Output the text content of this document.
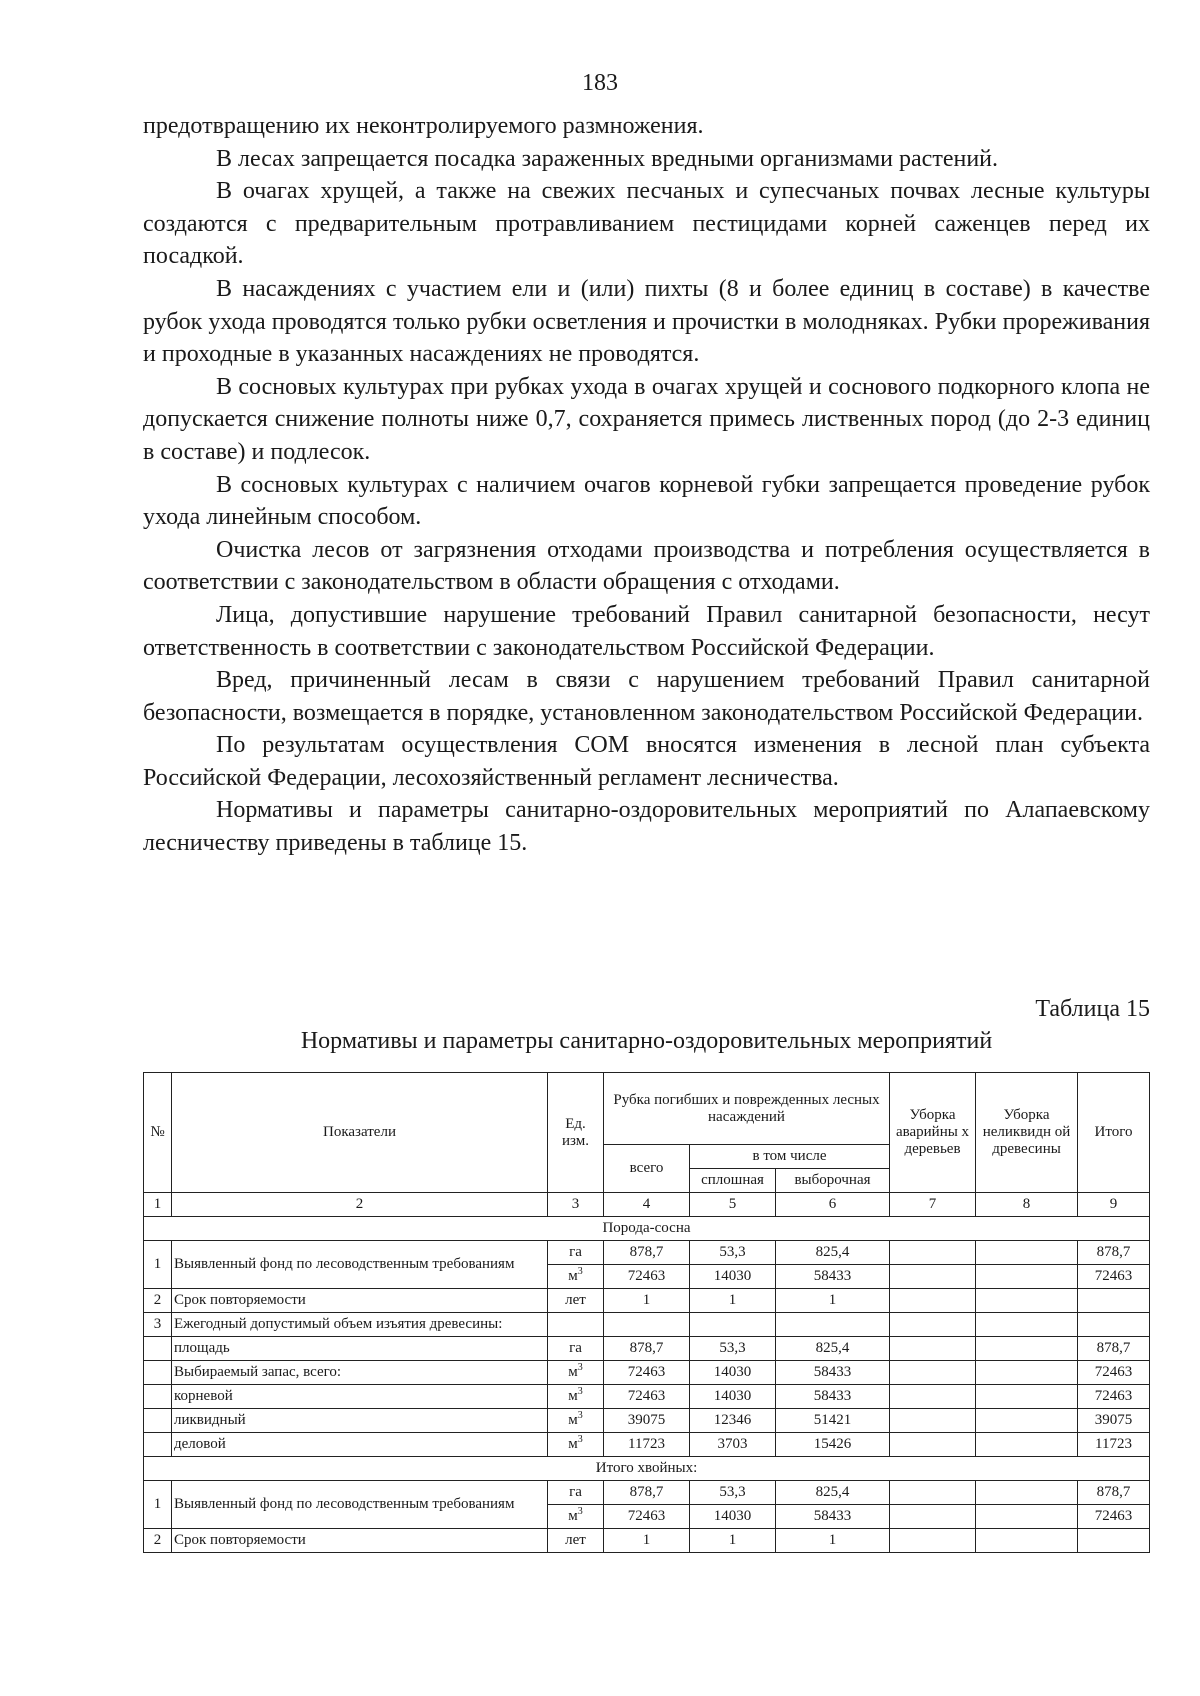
183

предотвращению их неконтролируемого размножения.

В лесах запрещается посадка зараженных вредными организмами растений.

В очагах хрущей, а также на свежих песчаных и супесчаных почвах лесные культуры создаются с предварительным протравливанием пестицидами корней саженцев перед их посадкой.

В насаждениях с участием ели и (или) пихты (8 и более единиц в составе) в качестве рубок ухода проводятся только рубки осветления и прочистки в молодняках. Рубки прореживания и проходные в указанных насаждениях не проводятся.

В сосновых культурах при рубках ухода в очагах хрущей и соснового подкорного клопа не допускается снижение полноты ниже 0,7, сохраняется примесь лиственных пород (до 2-3 единиц в составе) и подлесок.

В сосновых культурах с наличием очагов корневой губки запрещается проведение рубок ухода линейным способом.

Очистка лесов от загрязнения отходами производства и потребления осуществляется в соответствии с законодательством в области обращения с отходами.

Лица, допустившие нарушение требований Правил санитарной безопасности, несут ответственность в соответствии с законодательством Российской Федерации.

Вред, причиненный лесам в связи с нарушением требований Правил санитарной безопасности, возмещается в порядке, установленном законодательством Российской Федерации.

По результатам осуществления СОМ вносятся изменения в лесной план субъекта Российской Федерации, лесохозяйственный регламент лесничества.

Нормативы и параметры санитарно-оздоровительных мероприятий по Алапаевскому лесничеству приведены в таблице 15.

Таблица 15
Нормативы и параметры санитарно-оздоровительных мероприятий
№	Показатели	Ед. изм.	Рубка погибших и поврежденных лесных насаждений			Уборка аварийны х деревьев	Уборка неликвидн ой древесины	Итого
			всего	в том числе				
				сплошная	выборочная			
1	2	3	4	5	6	7	8	9
Порода-сосна								
1	Выявленный фонд по лесоводственным требованиям	га	878,7	53,3	825,4			878,7
		$м^3$	72463	14030	58433			72463
2	Срок повторяемости	лет	1	1	1			
3	Ежегодный допустимый объем изъятия древесины:							
	площадь	га	878,7	53,3	825,4			878,7
	Выбираемый запас, всего:	$м^3$	72463	14030	58433			72463
	корневой	$м^3$	72463	14030	58433			72463
	ликвидный	$м^3$	39075	12346	51421			39075
	деловой	$м^3$	11723	3703	15426			11723
Итого хвойных:								
1	Выявленный фонд по лесоводственным требованиям	га	878,7	53,3	825,4			878,7
		$м^3$	72463	14030	58433			72463
2	Срок повторяемости	лет	1	1	1			
